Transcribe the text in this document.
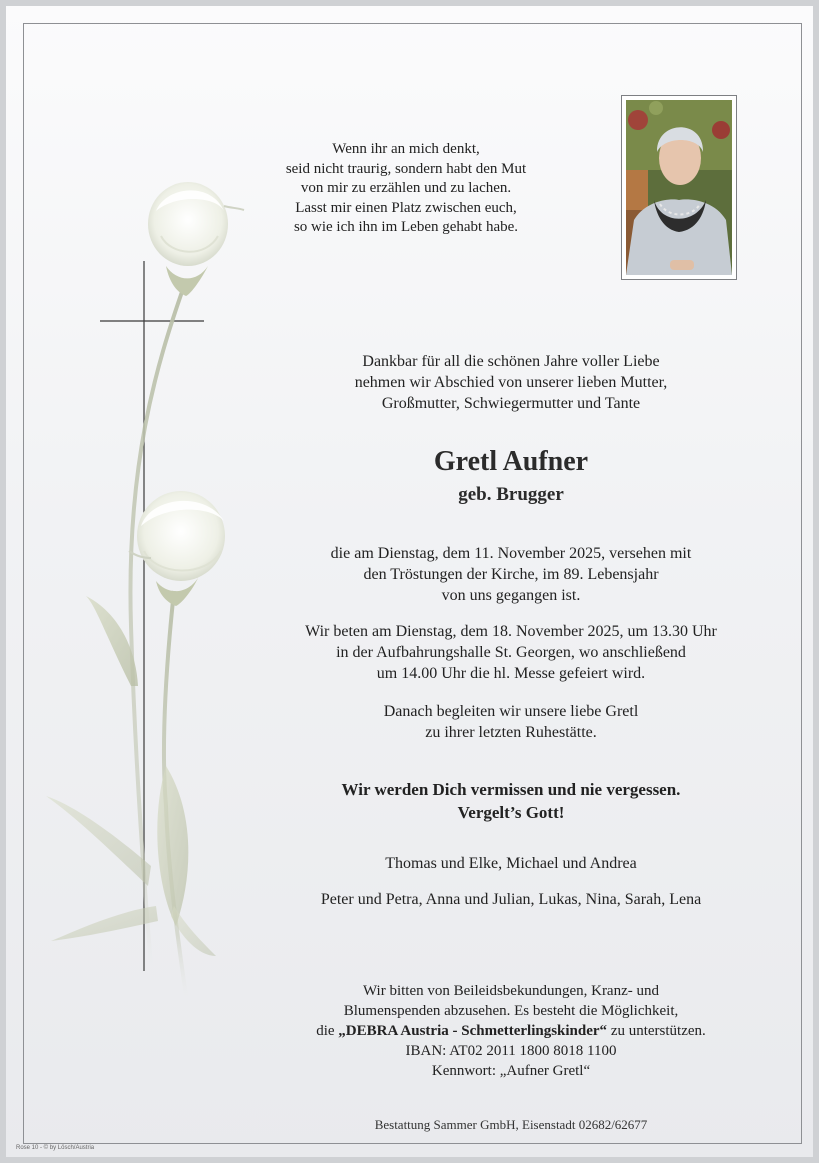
Wenn ihr an mich denkt,
seid nicht traurig, sondern habt den Mut
von mir zu erzählen und zu lachen.
Lasst mir einen Platz zwischen euch,
so wie ich ihn im Leben gehabt habe.
Dankbar für all die schönen Jahre voller Liebe
nehmen wir Abschied von unserer lieben Mutter,
Großmutter, Schwiegermutter und Tante
Gretl Aufner
geb. Brugger
die am Dienstag, dem 11. November 2025, versehen mit
den Tröstungen der Kirche, im 89. Lebensjahr
von uns gegangen ist.
Wir beten am Dienstag, dem 18. November 2025, um 13.30 Uhr
in der Aufbahrungshalle St. Georgen, wo anschließend
um 14.00 Uhr die hl. Messe gefeiert wird.
Danach begleiten wir unsere liebe Gretl
zu ihrer letzten Ruhestätte.
Wir werden Dich vermissen und nie vergessen.
Vergelt’s Gott!
Thomas und Elke, Michael und Andrea
Peter und Petra, Anna und Julian, Lukas, Nina, Sarah, Lena
Wir bitten von Beileidsbekundungen, Kranz- und
Blumenspenden abzusehen. Es besteht die Möglichkeit,
die „DEBRA Austria - Schmetterlingskinder“ zu unterstützen.
IBAN: AT02 2011 1800 8018 1100
Kennwort: „Aufner Gretl“
Bestattung Sammer GmbH, Eisenstadt 02682/62677
Rose 10 - © by Lösch/Austria
